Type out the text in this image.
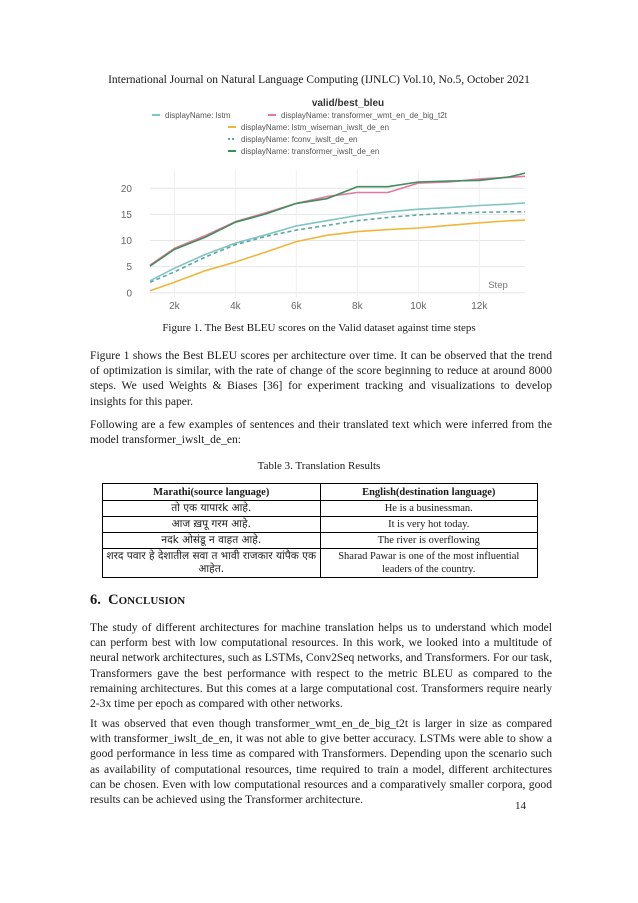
International Journal on Natural Language Computing (IJNLC) Vol.10, No.5, October 2021
valid/best_bleu
displayName: lstm	displayName: transformer_wmt_en_de_big_t2t
displayName: lstm_wiseman_iwslt_de_en
displayName: fconv_iwslt_de_en
displayName: transformer_iwslt_de_en
0
5
10
15
20
2k	4k	6k	8k	10k	12k
Step
Figure 1. The Best BLEU scores on the Valid dataset against time steps

Figure 1 shows the Best BLEU scores per architecture over time. It can be observed that the trend of optimization is similar, with the rate of change of the score beginning to reduce at around 8000 steps. We used Weights & Biases [36] for experiment tracking and visualizations to develop insights for this paper.

Following are a few examples of sentences and their translated text which were inferred from the model transformer_iwslt_de_en:

Table 3. Translation Results
Marathi(source language)	English(destination language)
तो एक यापारk आहे.	He is a businessman.
आज ख़पू गरम आहे.	It is very hot today.
नदk ओसंडू न वाहत आहे.	The river is overflowing
शरद पवार हे देशातील सवा त भावी राजकार यांपैक एक आहेत.	Sharad Pawar is one of the most influential leaders of the country.
6. CONCLUSION

The study of different architectures for machine translation helps us to understand which model can perform best with low computational resources. In this work, we looked into a multitude of neural network architectures, such as LSTMs, Conv2Seq networks, and Transformers. For our task, Transformers gave the best performance with respect to the metric BLEU as compared to the remaining architectures. But this comes at a large computational cost. Transformers require nearly 2-3x time per epoch as compared with other networks.

It was observed that even though transformer_wmt_en_de_big_t2t is larger in size as compared with transformer_iwslt_de_en, it was not able to give better accuracy. LSTMs were able to show a good performance in less time as compared with Transformers. Depending upon the scenario such as availability of computational resources, time required to train a model, different architectures can be chosen. Even with low computational resources and a comparatively smaller corpora, good results can be achieved using the Transformer architecture.	14
